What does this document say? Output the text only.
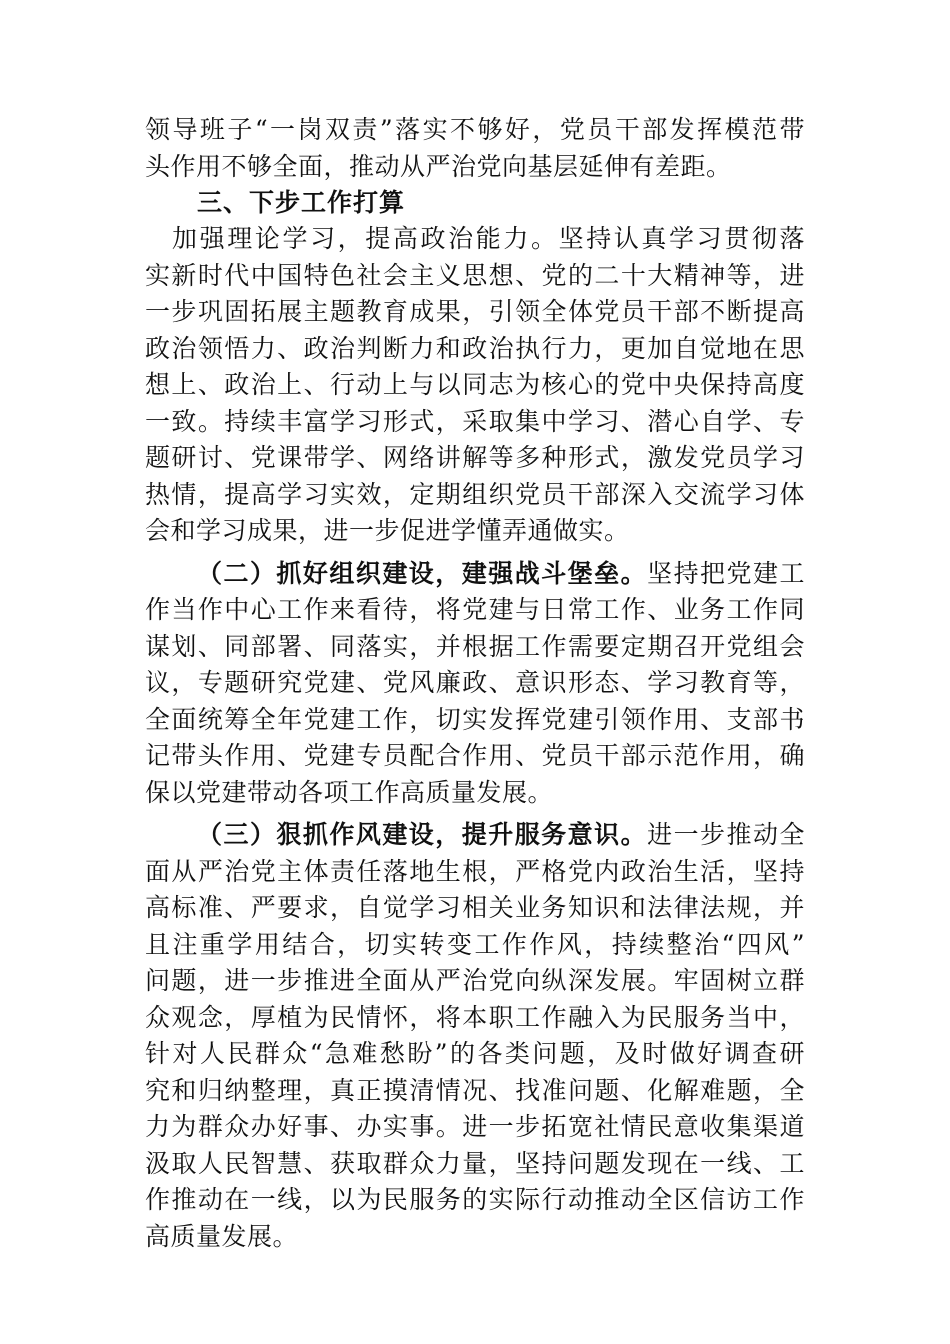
领导班子“一岗双责”落实不够好，党员干部发挥模范带
头作用不够全面，推动从严治党向基层延伸有差距。
三、下步工作打算
加强理论学习，提高政治能力。坚持认真学习贯彻落
实新时代中国特色社会主义思想、党的二十大精神等，进
一步巩固拓展主题教育成果，引领全体党员干部不断提高
政治领悟力、政治判断力和政治执行力，更加自觉地在思
想上、政治上、行动上与以同志为核心的党中央保持高度
一致。持续丰富学习形式，采取集中学习、潜心自学、专
题研讨、党课带学、网络讲解等多种形式，激发党员学习
热情，提高学习实效，定期组织党员干部深入交流学习体
会和学习成果，进一步促进学懂弄通做实。
（二）抓好组织建设，建强战斗堡垒。坚持把党建工
作当作中心工作来看待，将党建与日常工作、业务工作同
谋划、同部署、同落实，并根据工作需要定期召开党组会
议，专题研究党建、党风廉政、意识形态、学习教育等，
全面统筹全年党建工作，切实发挥党建引领作用、支部书
记带头作用、党建专员配合作用、党员干部示范作用，确
保以党建带动各项工作高质量发展。
（三）狠抓作风建设，提升服务意识。进一步推动全
面从严治党主体责任落地生根，严格党内政治生活，坚持
高标准、严要求，自觉学习相关业务知识和法律法规，并
且注重学用结合，切实转变工作作风，持续整治“四风”
问题，进一步推进全面从严治党向纵深发展。牢固树立群
众观念，厚植为民情怀，将本职工作融入为民服务当中，
针对人民群众“急难愁盼”的各类问题，及时做好调查研
究和归纳整理，真正摸清情况、找准问题、化解难题，全
力为群众办好事、办实事。进一步拓宽社情民意收集渠道
汲取人民智慧、获取群众力量，坚持问题发现在一线、工
作推动在一线，以为民服务的实际行动推动全区信访工作
高质量发展。
